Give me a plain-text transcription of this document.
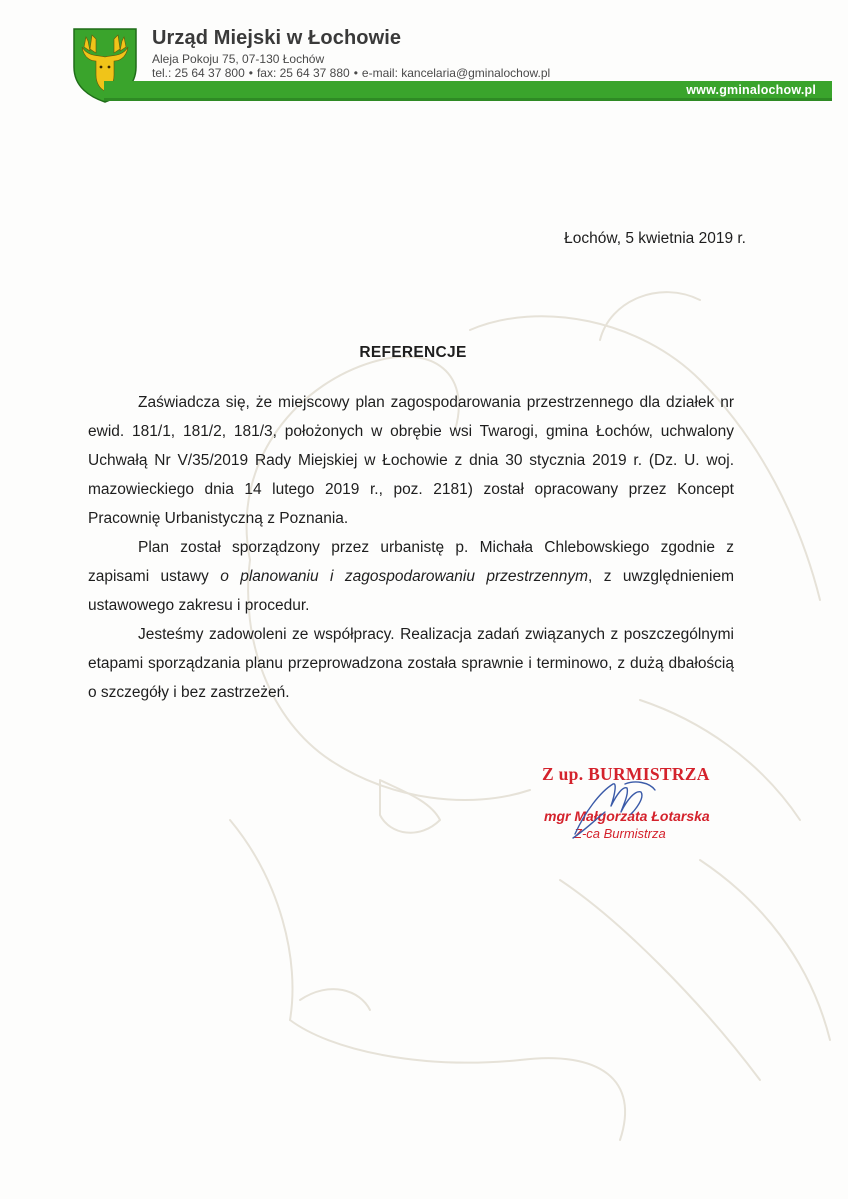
Urząd Miejski w Łochowie
Aleja Pokoju 75, 07-130 Łochów
tel.: 25 64 37 800 • fax: 25 64 37 880 • e-mail: kancelaria@gminalochow.pl
www.gminalochow.pl
Łochów, 5 kwietnia 2019 r.
REFERENCJE

Zaświadcza się, że miejscowy plan zagospodarowania przestrzennego dla działek nr ewid. 181/1, 181/2, 181/3, położonych w obrębie wsi Twarogi, gmina Łochów, uchwalony Uchwałą Nr V/35/2019 Rady Miejskiej w Łochowie z dnia 30 stycznia 2019 r. (Dz. U. woj. mazowieckiego dnia 14 lutego 2019 r., poz. 2181) został opracowany przez Koncept Pracownię Urbanistyczną z Poznania.

Plan został sporządzony przez urbanistę p. Michała Chlebowskiego zgodnie z zapisami ustawy o planowaniu i zagospodarowaniu przestrzennym, z uwzględnieniem ustawowego zakresu i procedur.

Jesteśmy zadowoleni ze współpracy. Realizacja zadań związanych z poszczególnymi etapami sporządzania planu przeprowadzona została sprawnie i terminowo, z dużą dbałością o szczegóły i bez zastrzeżeń.

Z up. BURMISTRZA
mgr Małgorzata Łotarska
Z-ca Burmistrza
